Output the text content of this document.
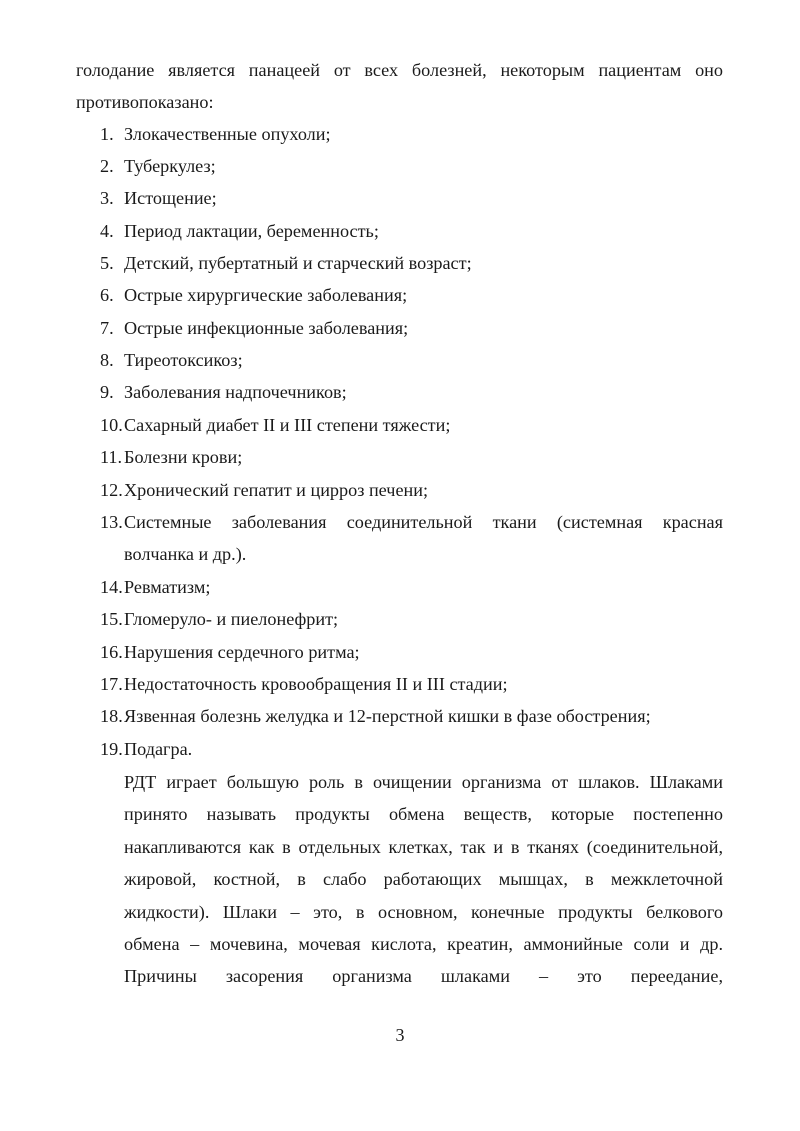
голодание является панацеей от всех болезней, некоторым пациентам оно
противопоказано:
1. Злокачественные опухоли;
2. Туберкулез;
3. Истощение;
4. Период лактации, беременность;
5. Детский, пубертатный и старческий возраст;
6. Острые хирургические заболевания;
7. Острые инфекционные заболевания;
8. Тиреотоксикоз;
9. Заболевания надпочечников;
10. Сахарный диабет II и III степени тяжести;
11. Болезни крови;
12. Хронический гепатит и цирроз печени;
13. Системные заболевания соединительной ткани (системная красная
волчанка и др.).
14. Ревматизм;
15. Гломеруло- и пиелонефрит;
16. Нарушения сердечного ритма;
17. Недостаточность кровообращения II и III стадии;
18. Язвенная болезнь желудка и 12-перстной кишки в фазе обострения;
19. Подагра.
РДТ играет большую роль в очищении организма от шлаков. Шлаками
принято называть продукты обмена веществ, которые постепенно
накапливаются как в отдельных клетках, так и в тканях (соединительной,
жировой, костной, в слабо работающих мышцах, в межклеточной
жидкости). Шлаки – это, в основном, конечные продукты белкового
обмена – мочевина, мочевая кислота, креатин, аммонийные соли и др.
Причины засорения организма шлаками – это переедание,
3
